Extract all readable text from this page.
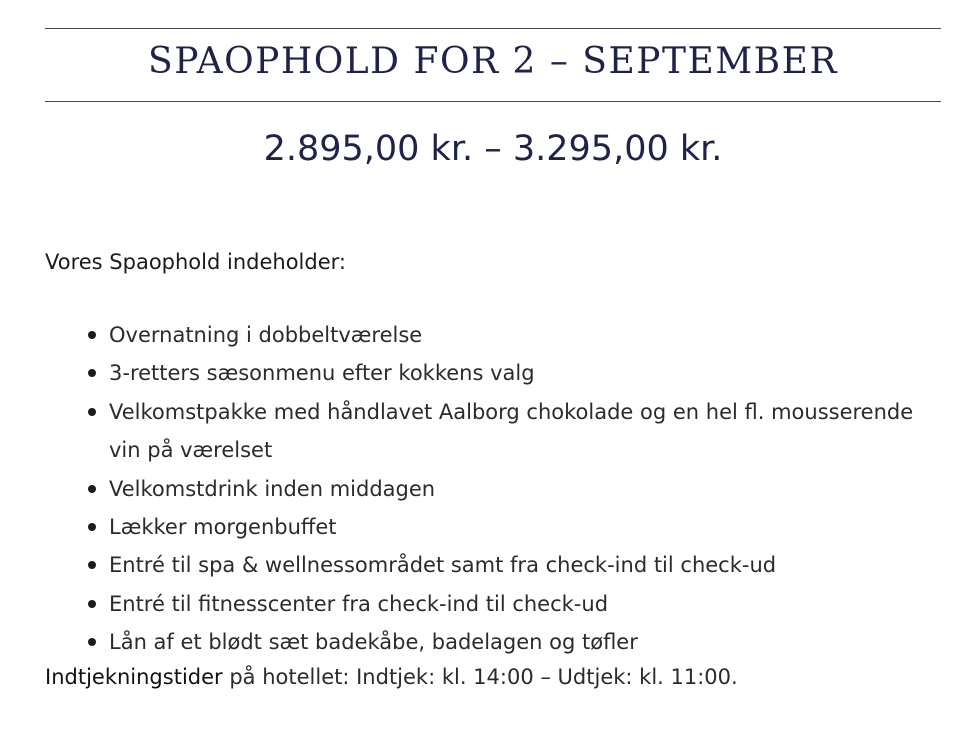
SPAOPHOLD FOR 2 – SEPTEMBER
2.895,00 kr. – 3.295,00 kr.

Vores Spaophold indeholder:

Overnatning i dobbeltværelse
3-retters sæsonmenu efter kokkens valg
Velkomstpakke med håndlavet Aalborg chokolade og en hel fl. mousserende vin på værelset
Velkomstdrink inden middagen
Lækker morgenbuffet
Entré til spa & wellnessområdet samt fra check-ind til check-ud
Entré til fitnesscenter fra check-ind til check-ud
Lån af et blødt sæt badekåbe, badelagen og tøfler

Indtjekningstider på hotellet: Indtjek: kl. 14:00 – Udtjek: kl. 11:00.
